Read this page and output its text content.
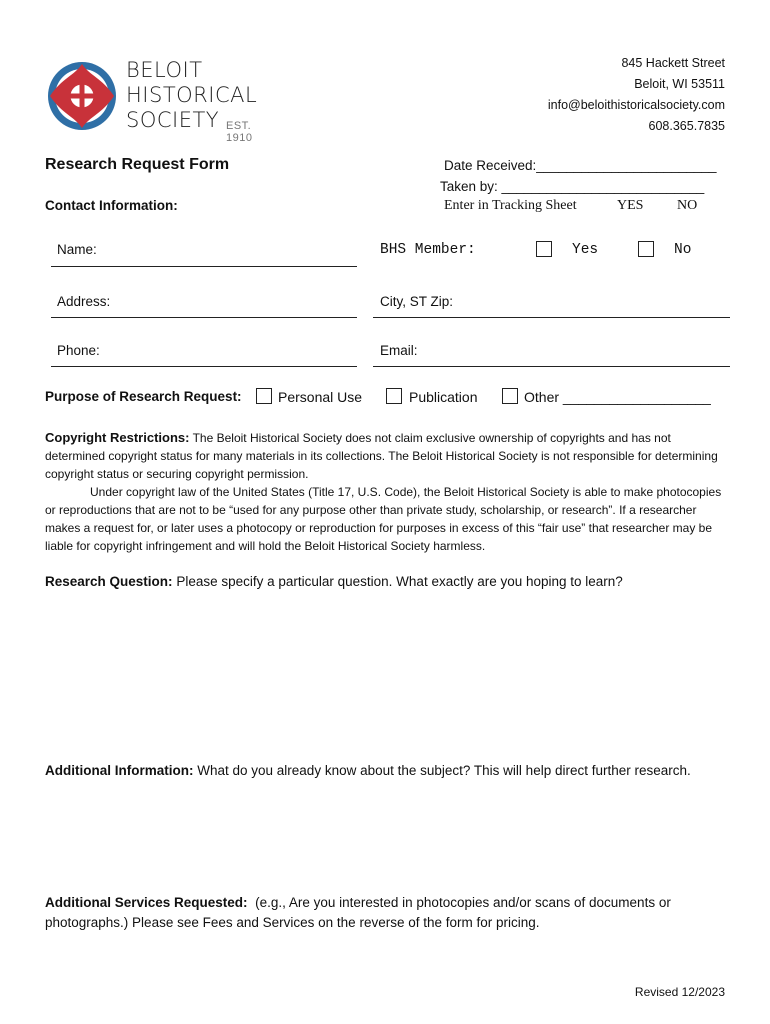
BELOIT
HISTORICAL
SOCIETY EST. 1910
845 Hackett Street
Beloit, WI 53511
info@beloithistoricalsociety.com
608.365.7835
Research Request Form	Date Received:________________________
Taken by: ___________________________
Enter in Tracking Sheet	YES NO
Contact Information:
Name:	BHS Member:	Yes	No
Address:	City, ST Zip:
Phone:	Email:
Purpose of Research Request:	Personal Use	Publication	Other ___________________
Copyright Restrictions: The Beloit Historical Society does not claim exclusive ownership of copyrights and has not determined copyright status for many materials in its collections. The Beloit Historical Society is not responsible for determining copyright status or securing copyright permission.
Under copyright law of the United States (Title 17, U.S. Code), the Beloit Historical Society is able to make photocopies or reproductions that are not to be “used for any purpose other than private study, scholarship, or research”. If a researcher makes a request for, or later uses a photocopy or reproduction for purposes in excess of this “fair use” that researcher may be liable for copyright infringement and will hold the Beloit Historical Society harmless.
Research Question: Please specify a particular question. What exactly are you hoping to learn?
Additional Information: What do you already know about the subject? This will help direct further research.
Additional Services Requested: (e.g., Are you interested in photocopies and/or scans of documents or photographs.) Please see Fees and Services on the reverse of the form for pricing.
Revised 12/2023
